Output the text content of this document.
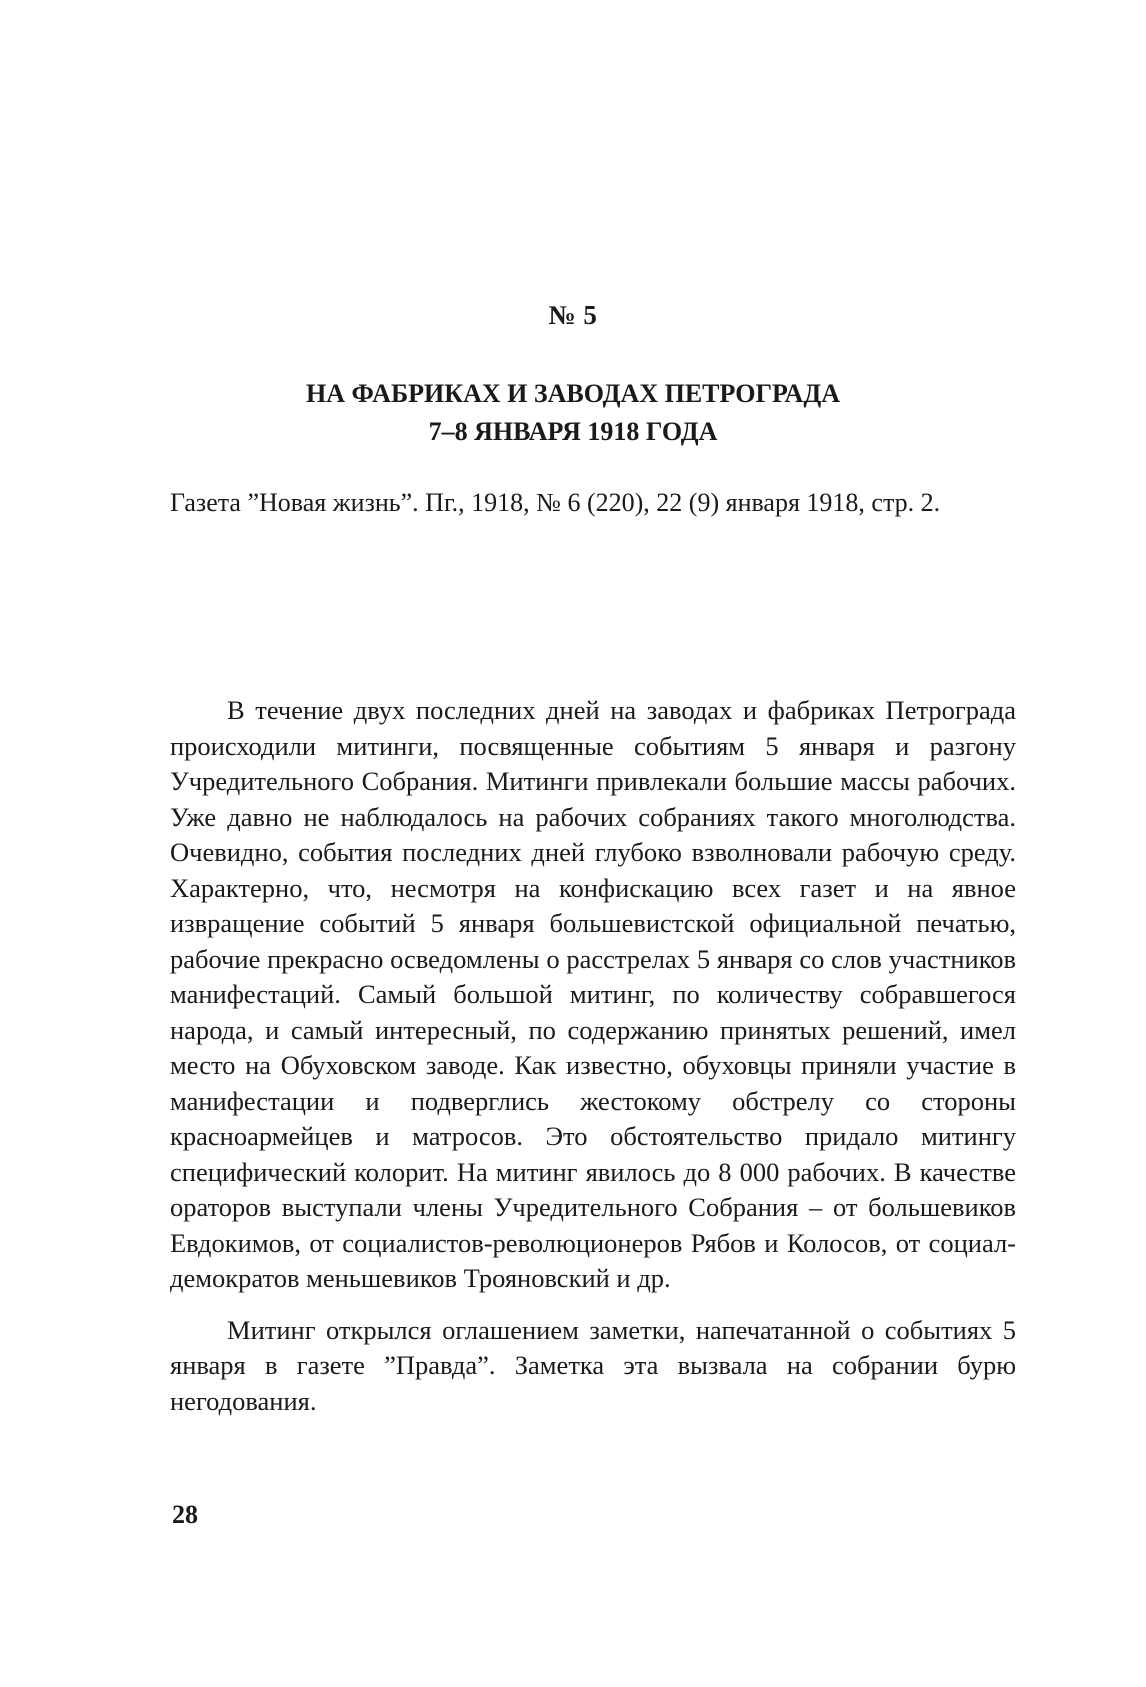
№ 5
НА ФАБРИКАХ И ЗАВОДАХ ПЕТРОГРАДА
7–8 ЯНВАРЯ 1918 ГОДА
Газета ”Новая жизнь”. Пг., 1918, № 6 (220), 22 (9) января 1918, стр. 2.

В течение двух последних дней на заводах и фабриках Петрограда происходили митинги, посвященные событиям 5 января и разгону Учредительного Собрания. Митинги привлекали большие массы рабочих. Уже давно не наблюдалось на рабочих собраниях такого многолюдства. Очевидно, события последних дней глубоко взволновали рабочую среду. Характерно, что, несмотря на конфискацию всех газет и на явное извращение событий 5 января большевистской официальной печатью, рабочие прекрасно осведомлены о расстрелах 5 января со слов участников манифестаций. Самый большой митинг, по количеству собравшегося народа, и самый интересный, по содержанию принятых решений, имел место на Обуховском заводе. Как известно, обуховцы приняли участие в манифестации и подверглись жестокому обстрелу со стороны красноармейцев и матросов. Это обстоятельство придало митингу специфический колорит. На митинг явилось до 8 000 рабочих. В качестве ораторов выступали члены Учредительного Собрания – от большевиков Евдокимов, от социалистов-революционеров Рябов и Колосов, от социал-демократов меньшевиков Трояновский и др.

Митинг открылся оглашением заметки, напечатанной о событиях 5 января в газете ”Правда”. Заметка эта вызвала на собрании бурю негодования.

28
